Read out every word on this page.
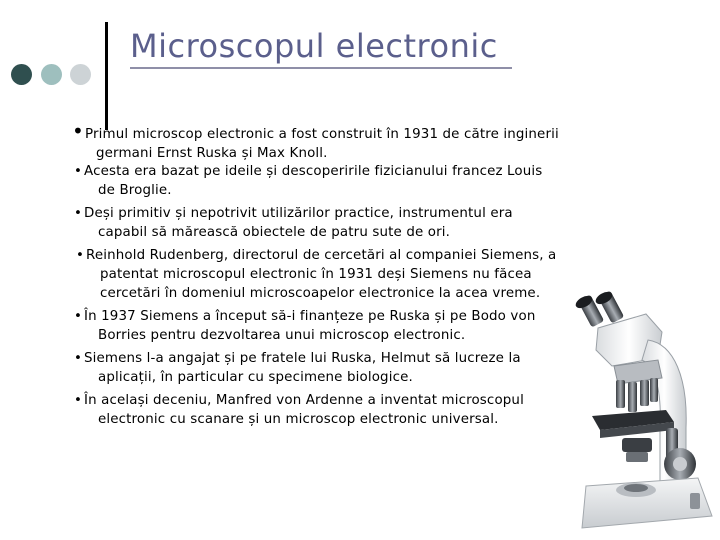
Microscopul electronic
•Primul microscop electronic a fost construit în 1931 de către inginerii
germani Ernst Ruska și Max Knoll.
• Acesta era bazat pe ideile și descoperirile fizicianului francez Louis
de Broglie.
• Deși primitiv și nepotrivit utilizărilor practice, instrumentul era
capabil să mărească obiectele de patru sute de ori.
• Reinhold Rudenberg, directorul de cercetări al companiei Siemens, a
patentat microscopul electronic în 1931 deși Siemens nu făcea
cercetări în domeniul microscoapelor electronice la acea vreme.
• În 1937 Siemens a început să-i finanțeze pe Ruska și pe Bodo von
Borries pentru dezvoltarea unui microscop electronic.
• Siemens l-a angajat și pe fratele lui Ruska, Helmut să lucreze la
aplicații, în particular cu specimene biologice.
• În același deceniu, Manfred von Ardenne a inventat microscopul
electronic cu scanare și un microscop electronic universal.
